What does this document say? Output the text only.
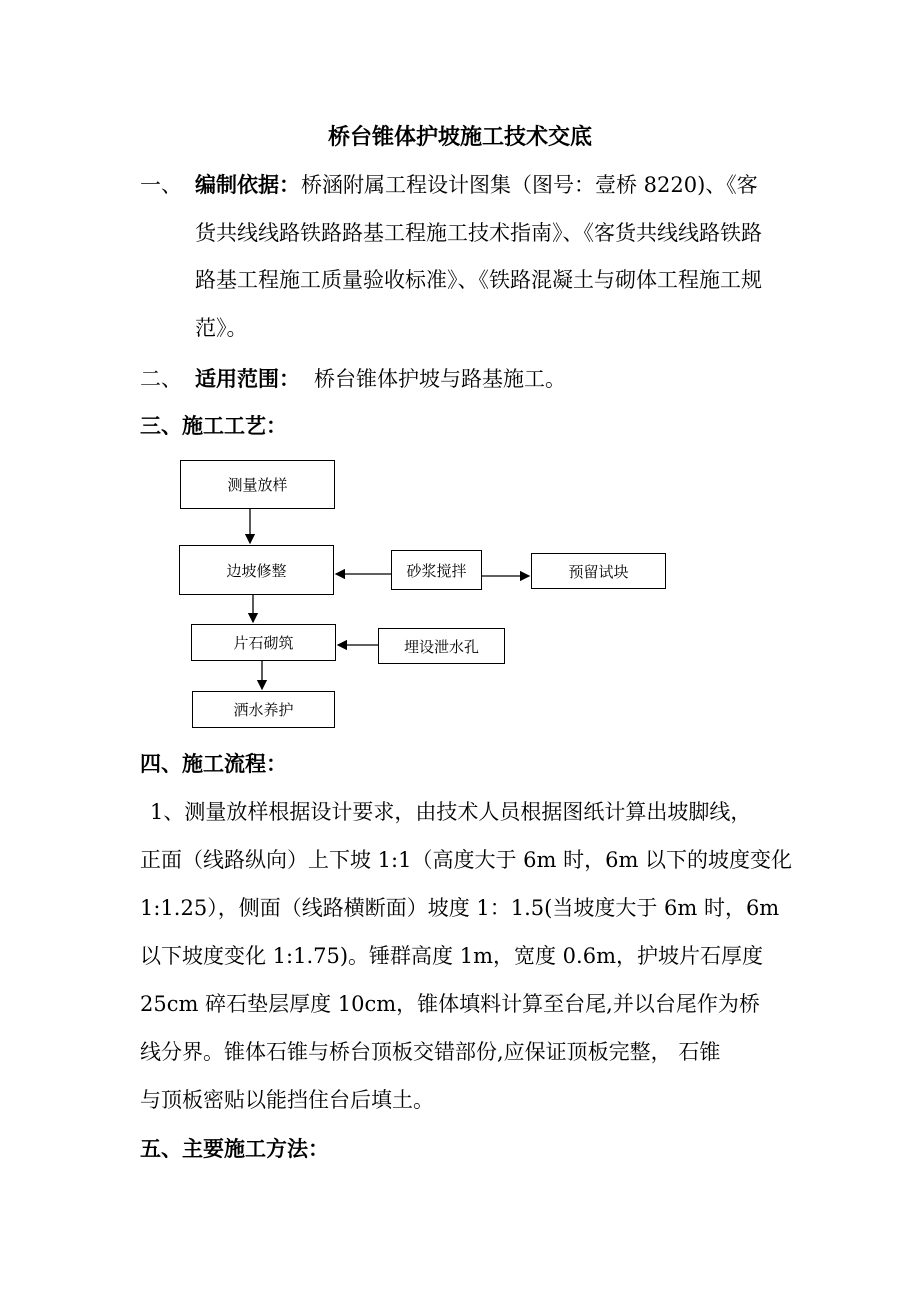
桥台锥体护坡施工技术交底
一、 编制依据： 桥涵附属工程设计图集（图号：壹桥 8220)、《客
货共线线路铁路路基工程施工技术指南》、《客货共线线路铁路
路基工程施工质量验收标准》、《铁路混凝土与砌体工程施工规
范》。
二、 适用范围： 桥台锥体护坡与路基施工。
三、施工工艺：
测量放样
边坡修整	砂浆搅拌	预留试块
片石砌筑	埋设泄水孔
洒水养护
四、施工流程：
1、测量放样根据设计要求，由技术人员根据图纸计算出坡脚线，
正面（线路纵向）上下坡 1:1（高度大于 6m 时，6m 以下的坡度变化
1:1.25），侧面（线路横断面）坡度 1：1.5(当坡度大于 6m 时，6m
以下坡度变化 1:1.75)。锤群高度 1m，宽度 0.6m，护坡片石厚度
25cm 碎石垫层厚度 10cm，锥体填料计算至台尾,并以台尾作为桥
线分界。锥体石锥与桥台顶板交错部份,应保证顶板完整， 石锥
与顶板密贴以能挡住台后填土。
五、主要施工方法：
